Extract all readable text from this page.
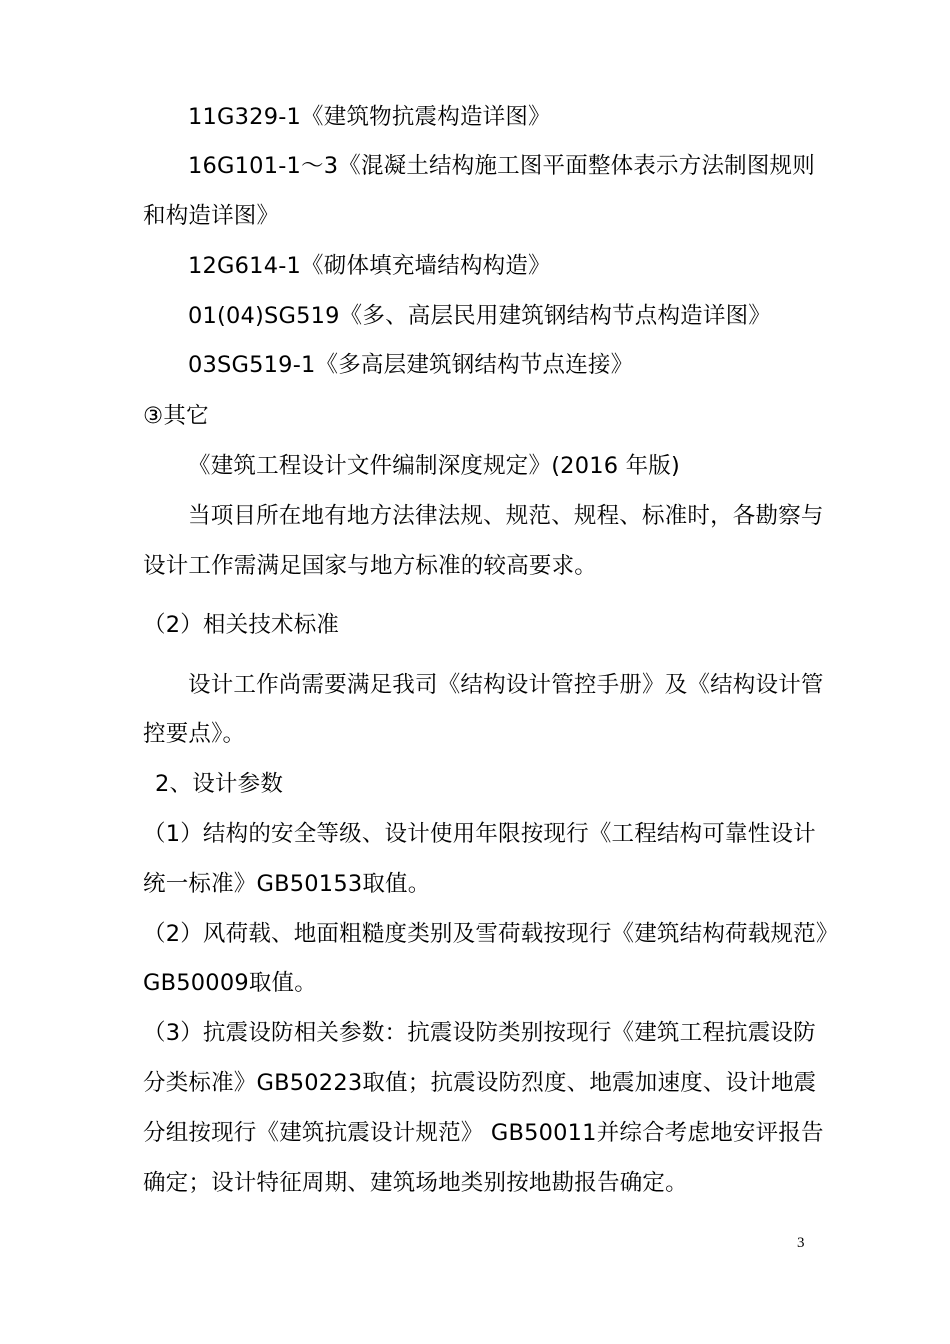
11G329-1《建筑物抗震构造详图》
16G101-1～3《混凝土结构施工图平面整体表示方法制图规则
和构造详图》
12G614-1《砌体填充墙结构构造》
01(04)SG519《多、高层民用建筑钢结构节点构造详图》
03SG519-1《多高层建筑钢结构节点连接》
③其它
《建筑工程设计文件编制深度规定》(2016 年版)
当项目所在地有地方法律法规、规范、规程、标准时，各勘察与
设计工作需满足国家与地方标准的较高要求。
（2）相关技术标准
设计工作尚需要满足我司《结构设计管控手册》及《结构设计管
控要点》。
2、设计参数
（1）结构的安全等级、设计使用年限按现行《工程结构可靠性设计
统一标准》GB50153取值。
（2）风荷载、地面粗糙度类别及雪荷载按现行《建筑结构荷载规范》
GB50009取值。
（3）抗震设防相关参数：抗震设防类别按现行《建筑工程抗震设防
分类标准》GB50223取值；抗震设防烈度、地震加速度、设计地震
分组按现行《建筑抗震设计规范》 GB50011并综合考虑地安评报告
确定；设计特征周期、建筑场地类别按地勘报告确定。
3
